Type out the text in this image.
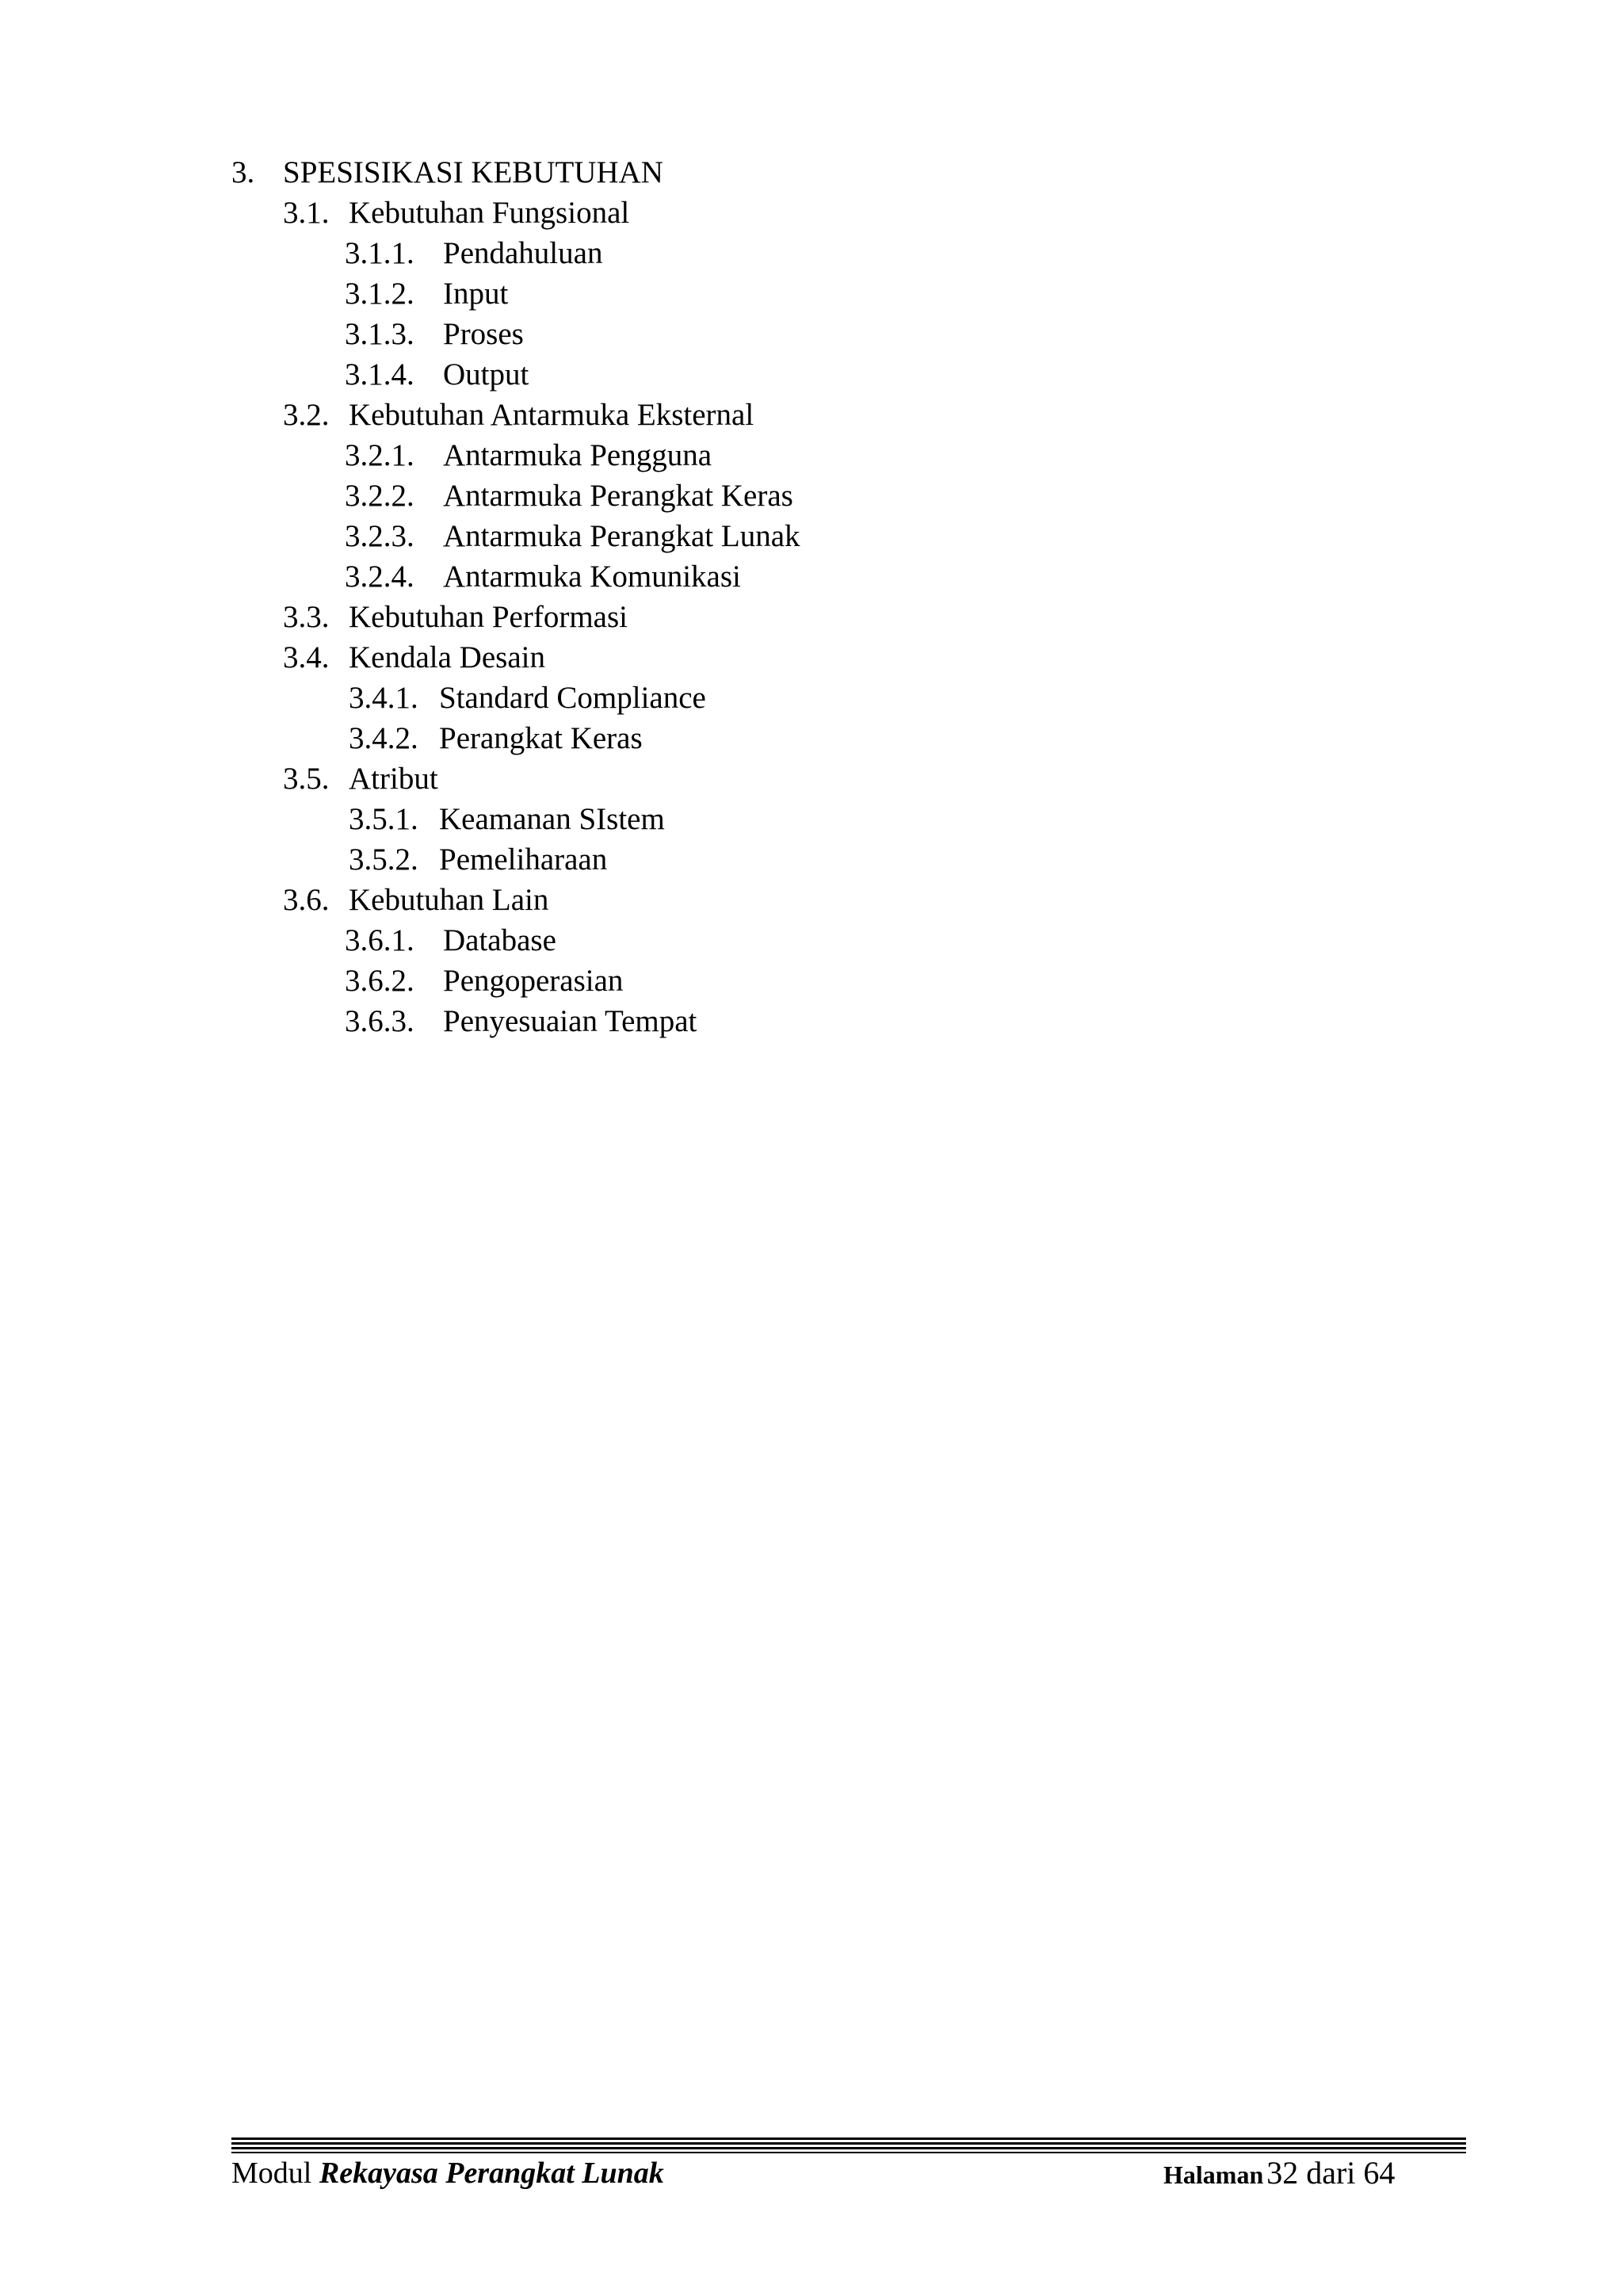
3. SPESISIKASI KEBUTUHAN
3.1. Kebutuhan Fungsional
3.1.1. Pendahuluan
3.1.2. Input
3.1.3. Proses
3.1.4. Output
3.2. Kebutuhan Antarmuka Eksternal
3.2.1. Antarmuka Pengguna
3.2.2. Antarmuka Perangkat Keras
3.2.3. Antarmuka Perangkat Lunak
3.2.4. Antarmuka Komunikasi
3.3. Kebutuhan Performasi
3.4. Kendala Desain
3.4.1. Standard Compliance
3.4.2. Perangkat Keras
3.5. Atribut
3.5.1. Keamanan SIstem
3.5.2. Pemeliharaan
3.6. Kebutuhan Lain
3.6.1. Database
3.6.2. Pengoperasian
3.6.3. Penyesuaian Tempat
Modul Rekayasa Perangkat Lunak	Halaman 32 dari 64
